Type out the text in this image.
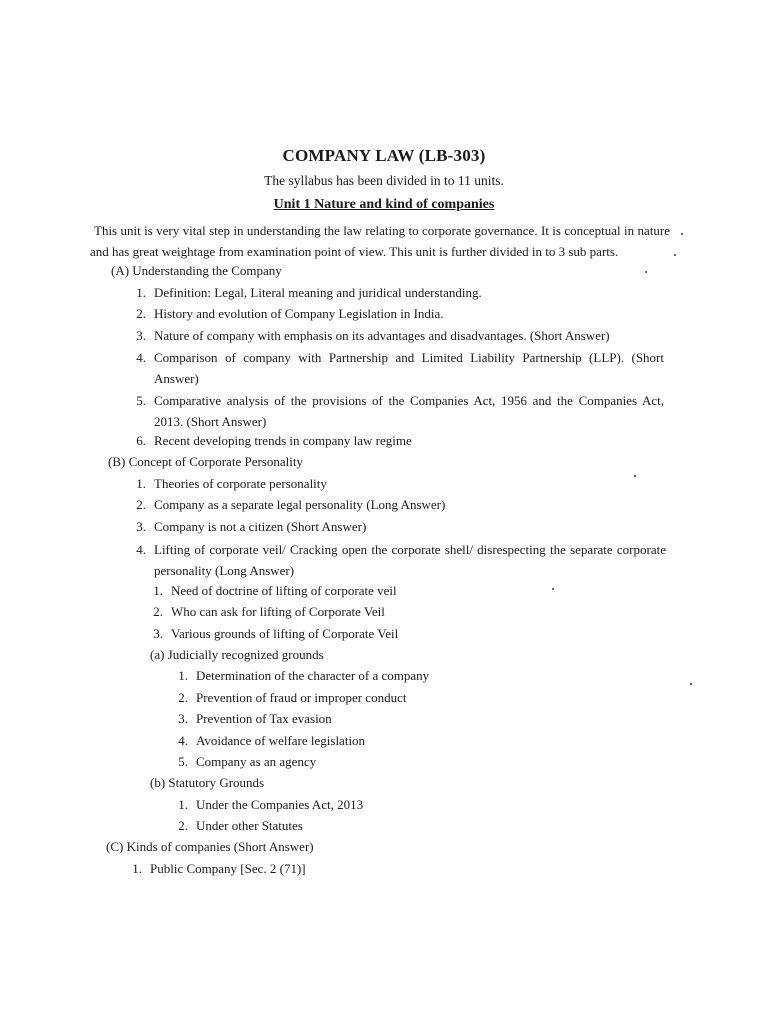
COMPANY LAW (LB-303)
The syllabus has been divided in to 11 units.
Unit 1 Nature and kind of companies
This unit is very vital step in understanding the law relating to corporate governance. It is conceptual in nature and has great weightage from examination point of view. This unit is further divided in to 3 sub parts.
(A) Understanding the Company
1. Definition: Legal, Literal meaning and juridical understanding.
2. History and evolution of Company Legislation in India.
3. Nature of company with emphasis on its advantages and disadvantages. (Short Answer)
4. Comparison of company with Partnership and Limited Liability Partnership (LLP). (Short Answer)
5. Comparative analysis of the provisions of the Companies Act, 1956 and the Companies Act, 2013. (Short Answer)
6. Recent developing trends in company law regime
(B) Concept of Corporate Personality
1. Theories of corporate personality
2. Company as a separate legal personality (Long Answer)
3. Company is not a citizen (Short Answer)
4. Lifting of corporate veil/ Cracking open the corporate shell/ disrespecting the separate corporate personality (Long Answer)
1. Need of doctrine of lifting of corporate veil
2. Who can ask for lifting of Corporate Veil
3. Various grounds of lifting of Corporate Veil
(a) Judicially recognized grounds
1. Determination of the character of a company
2. Prevention of fraud or improper conduct
3. Prevention of Tax evasion
4. Avoidance of welfare legislation
5. Company as an agency
(b) Statutory Grounds
1. Under the Companies Act, 2013
2. Under other Statutes
(C) Kinds of companies (Short Answer)
1. Public Company [Sec. 2 (71)]
